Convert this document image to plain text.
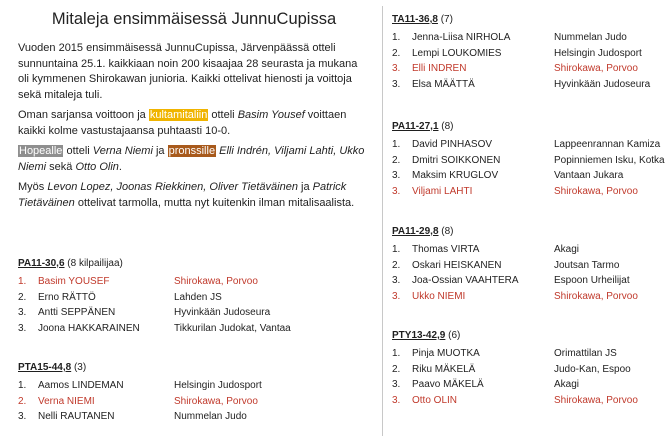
Mitaleja ensimmäisessä JunnuCupissa

Vuoden 2015 ensimmäisessä JunnuCupissa, Järvenpäässä otteli sunnuntaina 25.1. kaikkiaan noin 200 kisaajaa 28 seurasta ja mukana oli kymmenen Shirokawan junioria. Kaikki ottelivat hienosti ja voittoja sekä mitaleja tuli.

Oman sarjansa voittoon ja kultamitaliin otteli Basim Yousef voittaen kaikki kolme vastustajaansa puhtaasti 10-0.

Hopealle otteli Verna Niemi ja pronssille Elli Indrén, Viljami Lahti, Ukko Niemi sekä Otto Olin.

Myös Levon Lopez, Joonas Riekkinen, Oliver Tietäväinen ja Patrick Tietäväinen ottelivat tarmolla, mutta nyt kuitenkin ilman mitalisaalista.

PA11-30,6 (8 kilpailijaa)
1.	Basim YOUSEF	Shirokawa, Porvoo
2.	Erno RÄTTÖ	Lahden JS
3.	Antti SEPPÄNEN	Hyvinkään Judoseura
3.	Joona HAKKARAINEN	Tikkurilan Judokat, Vantaa
PTA15-44,8 (3)
1.	Aamos LINDEMAN	Helsingin Judosport
2.	Verna NIEMI	Shirokawa, Porvoo
3.	Nelli RAUTANEN	Nummelan Judo
TA11-36,8 (7)
1.	Jenna-Liisa NIRHOLA	Nummelan Judo
2.	Lempi LOUKOMIES	Helsingin Judosport
3.	Elli INDREN	Shirokawa, Porvoo
3.	Elsa MÄÄTTÄ	Hyvinkään Judoseura
PA11-27,1 (8)
1.	David PINHASOV	Lappeenrannan Kamiza
2.	Dmitri SOIKKONEN	Popinniemen Isku, Kotka
3.	Maksim KRUGLOV	Vantaan Jukara
3.	Viljami LAHTI	Shirokawa, Porvoo
PA11-29,8 (8)
1.	Thomas VIRTA	Akagi
2.	Oskari HEISKANEN	Joutsan Tarmo
3.	Joa-Ossian VAAHTERA	Espoon Urheilijat
3.	Ukko NIEMI	Shirokawa, Porvoo
PTY13-42,9 (6)
1.	Pinja MUOTKA	Orimattilan JS
2.	Riku MÄKELÄ	Judo-Kan, Espoo
3.	Paavo MÄKELÄ	Akagi
3.	Otto OLIN	Shirokawa, Porvoo
